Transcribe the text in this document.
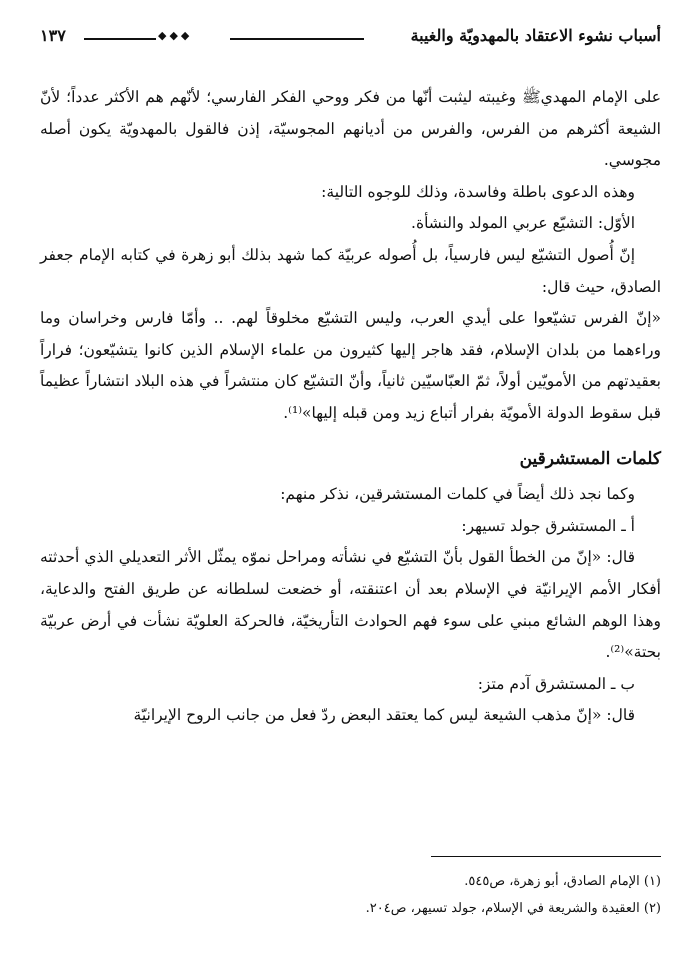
أسباب نشوء الاعتقاد بالمهدويّة والغيبة
◆◆◆
١٣٧

على الإمام المهديﷺ وغيبته ليثبت أنّها من فكر ووحي الفكر الفارسي؛ لأنّهم هم الأكثر عدداً؛ لأنّ الشيعة أكثرهم من الفرس، والفرس من أديانهم المجوسيّة، إذن فالقول بالمهدويّة يكون أصله مجوسي.

وهذه الدعوى باطلة وفاسدة، وذلك للوجوه التالية:

الأوّل: التشيّع عربي المولد والنشأة.

إنّ أُصول التشيّع ليس فارسياً، بل أُصوله عربيّة كما شهد بذلك أبو زهرة في كتابه الإمام جعفر الصادق، حيث قال:

«إنّ الفرس تشيّعوا على أيدي العرب، وليس التشيّع مخلوقاً لهم. .. وأمّا فارس وخراسان وما وراءهما من بلدان الإسلام، فقد هاجر إليها كثيرون من علماء الإسلام الذين كانوا يتشيّعون؛ فراراً بعقيدتهم من الأمويّين أولاً، ثمّ العبّاسيّين ثانياً، وأنّ التشيّع كان منتشراً في هذه البلاد انتشاراً عظيماً قبل سقوط الدولة الأمويّة بفرار أتباع زيد ومن قبله إليها»⁽¹⁾.

كلمات المستشرقين

وكما نجد ذلك أيضاً في كلمات المستشرقين، نذكر منهم:

أ ـ المستشرق جولد تسيهر:

قال: «إنّ من الخطأ القول بأنّ التشيّع في نشأته ومراحل نموّه يمثّل الأثر التعديلي الذي أحدثته أفكار الأمم الإيرانيّة في الإسلام بعد أن اعتنقته، أو خضعت لسلطانه عن طريق الفتح والدعاية، وهذا الوهم الشائع مبني على سوء فهم الحوادث التأريخيّة، فالحركة العلويّة نشأت في أرض عربيّة بحتة»⁽²⁾.

ب ـ المستشرق آدم متز:

قال: «إنّ مذهب الشيعة ليس كما يعتقد البعض ردّ فعل من جانب الروح الإيرانيّة

(١) الإمام الصادق، أبو زهرة، ص٥٤٥.

(٢) العقيدة والشريعة في الإسلام، جولد تسيهر، ص٢٠٤.
